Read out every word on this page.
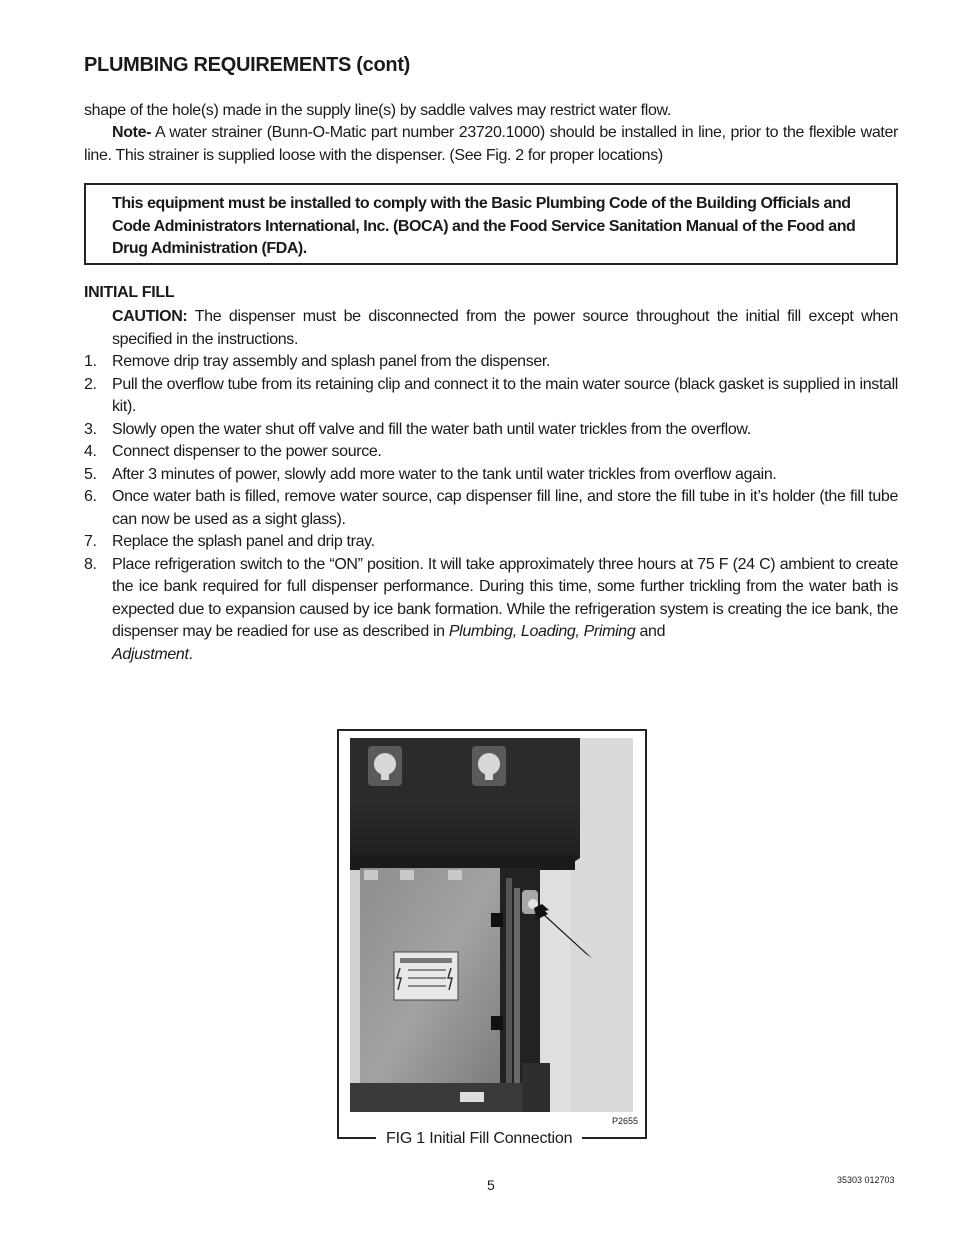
PLUMBING REQUIREMENTS (cont)

shape of the hole(s) made in the supply line(s) by saddle valves may restrict water flow.

Note- A water strainer (Bunn-O-Matic part number 23720.1000) should be installed in line, prior to the flexible water line. This strainer is supplied loose with the dispenser. (See Fig. 2 for proper locations)

This equipment must be installed to comply with the Basic Plumbing Code of the Building Officials and Code Administrators International, Inc. (BOCA) and the Food Service Sanitation Manual of the Food and Drug Administration (FDA).

INITIAL FILL

CAUTION: The dispenser must be disconnected from the power source throughout the initial fill except when specified in the instructions.

1. Remove drip tray assembly and splash panel from the dispenser.
2. Pull the overflow tube from its retaining clip and connect it to the main water source (black gasket is supplied in install kit).
3. Slowly open the water shut off valve and fill the water bath until water trickles from the overflow.
4. Connect dispenser to the power source.
5. After 3 minutes of power, slowly add more water to the tank until water trickles from overflow again.
6. Once water bath is filled, remove water source, cap dispenser fill line, and store the fill tube in it’s holder (the fill tube can now be used as a sight glass).
7. Replace the splash panel and drip tray.
8. Place refrigeration switch to the “ON” position. It will take approximately three hours at 75 F (24 C) ambient to create the ice bank required for full dispenser performance. During this time, some further trickling from the water bath is expected due to expansion caused by ice bank formation. While the refrigeration system is creating the ice bank, the dispenser may be readied for use as described in Plumbing, Loading, Priming and
Adjustment.
P2655
FIG 1 Initial Fill Connection
5	35303 012703
